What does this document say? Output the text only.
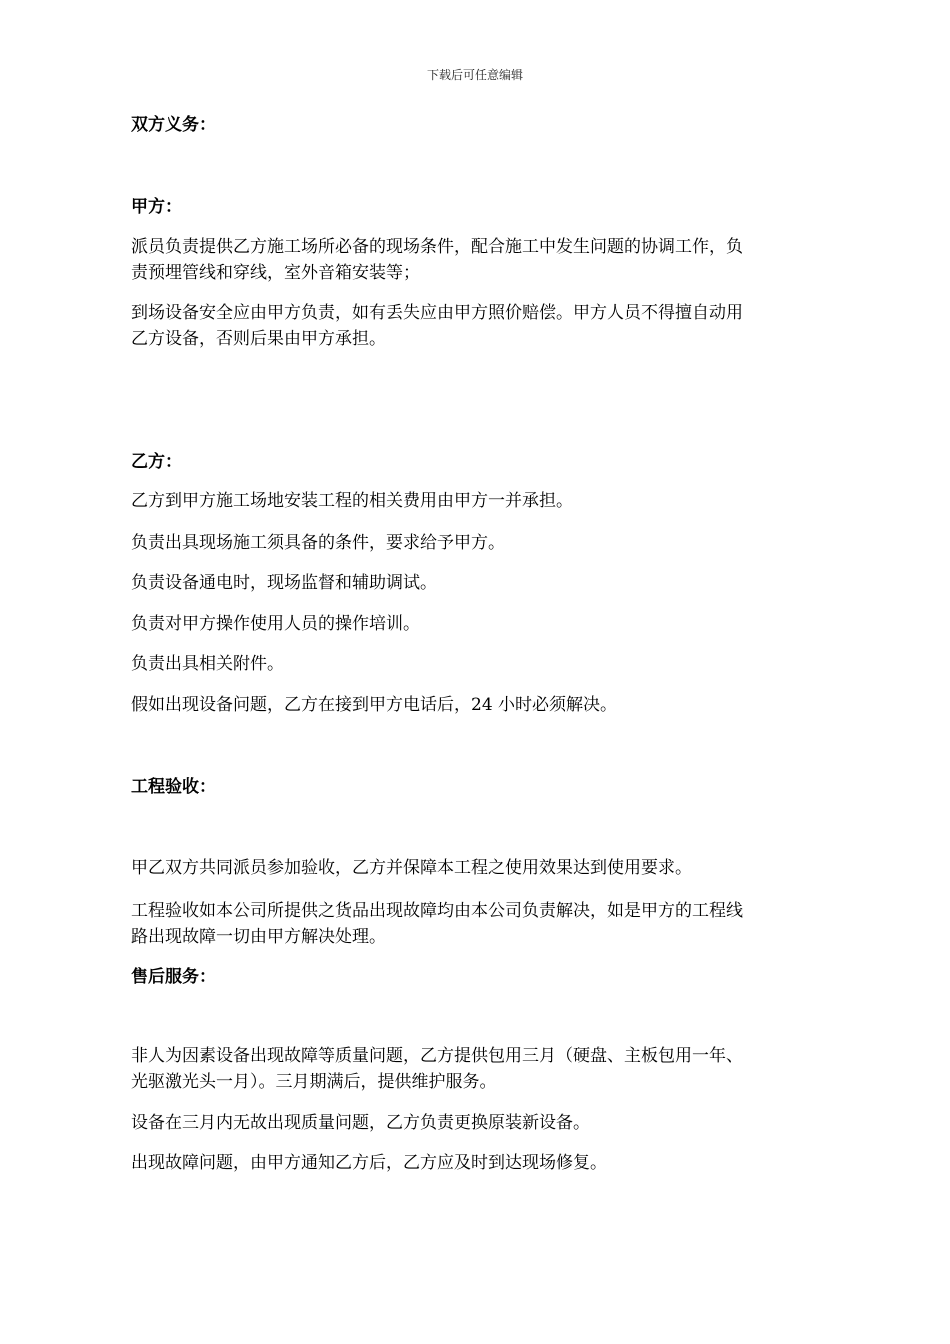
下载后可任意编辑
双方义务：
甲方：
派员负责提供乙方施工场所必备的现场条件，配合施工中发生问题的协调工作，负
责预埋管线和穿线，室外音箱安装等；
到场设备安全应由甲方负责，如有丢失应由甲方照价赔偿。甲方人员不得擅自动用
乙方设备，否则后果由甲方承担。
乙方：
乙方到甲方施工场地安装工程的相关费用由甲方一并承担。
负责出具现场施工须具备的条件，要求给予甲方。
负责设备通电时，现场监督和辅助调试。
负责对甲方操作使用人员的操作培训。
负责出具相关附件。
假如出现设备问题，乙方在接到甲方电话后，24 小时必须解决。
工程验收：
甲乙双方共同派员参加验收，乙方并保障本工程之使用效果达到使用要求。
工程验收如本公司所提供之货品出现故障均由本公司负责解决，如是甲方的工程线
路出现故障一切由甲方解决处理。
售后服务：
非人为因素设备出现故障等质量问题，乙方提供包用三月（硬盘、主板包用一年、
光驱激光头一月）。三月期满后，提供维护服务。
设备在三月内无故出现质量问题，乙方负责更换原装新设备。
出现故障问题，由甲方通知乙方后，乙方应及时到达现场修复。
